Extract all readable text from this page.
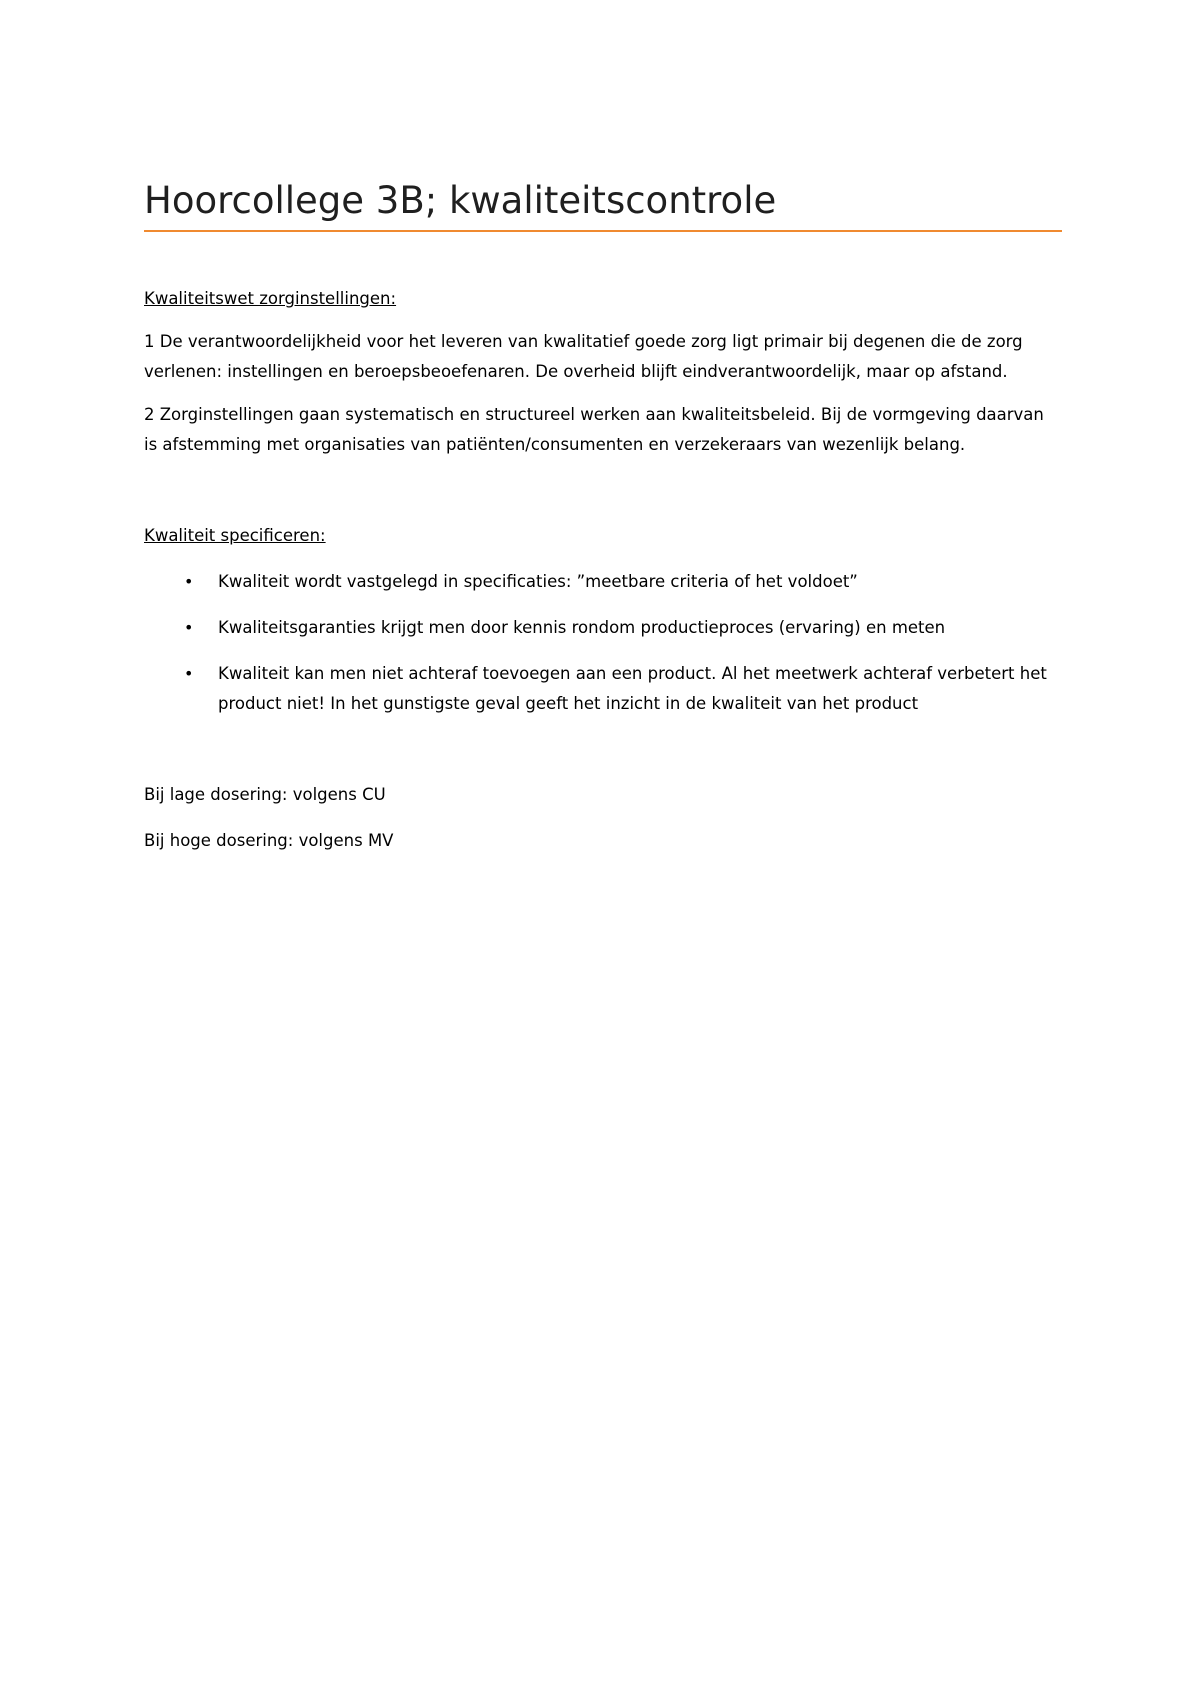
Hoorcollege 3B; kwaliteitscontrole

Kwaliteitswet zorginstellingen:

1 De verantwoordelijkheid voor het leveren van kwalitatief goede zorg ligt primair bij degenen die de zorg verlenen: instellingen en beroepsbeoefenaren. De overheid blijft eindverantwoordelijk, maar op afstand.

2 Zorginstellingen gaan systematisch en structureel werken aan kwaliteitsbeleid. Bij de vormgeving daarvan is afstemming met organisaties van patiënten/consumenten en verzekeraars van wezenlijk belang.

Kwaliteit specificeren:

• Kwaliteit wordt vastgelegd in specificaties: ”meetbare criteria of het voldoet”
• Kwaliteitsgaranties krijgt men door kennis rondom productieproces (ervaring) en meten
• Kwaliteit kan men niet achteraf toevoegen aan een product. Al het meetwerk achteraf verbetert het product niet! In het gunstigste geval geeft het inzicht in de kwaliteit van het product

Bij lage dosering: volgens CU

Bij hoge dosering: volgens MV
